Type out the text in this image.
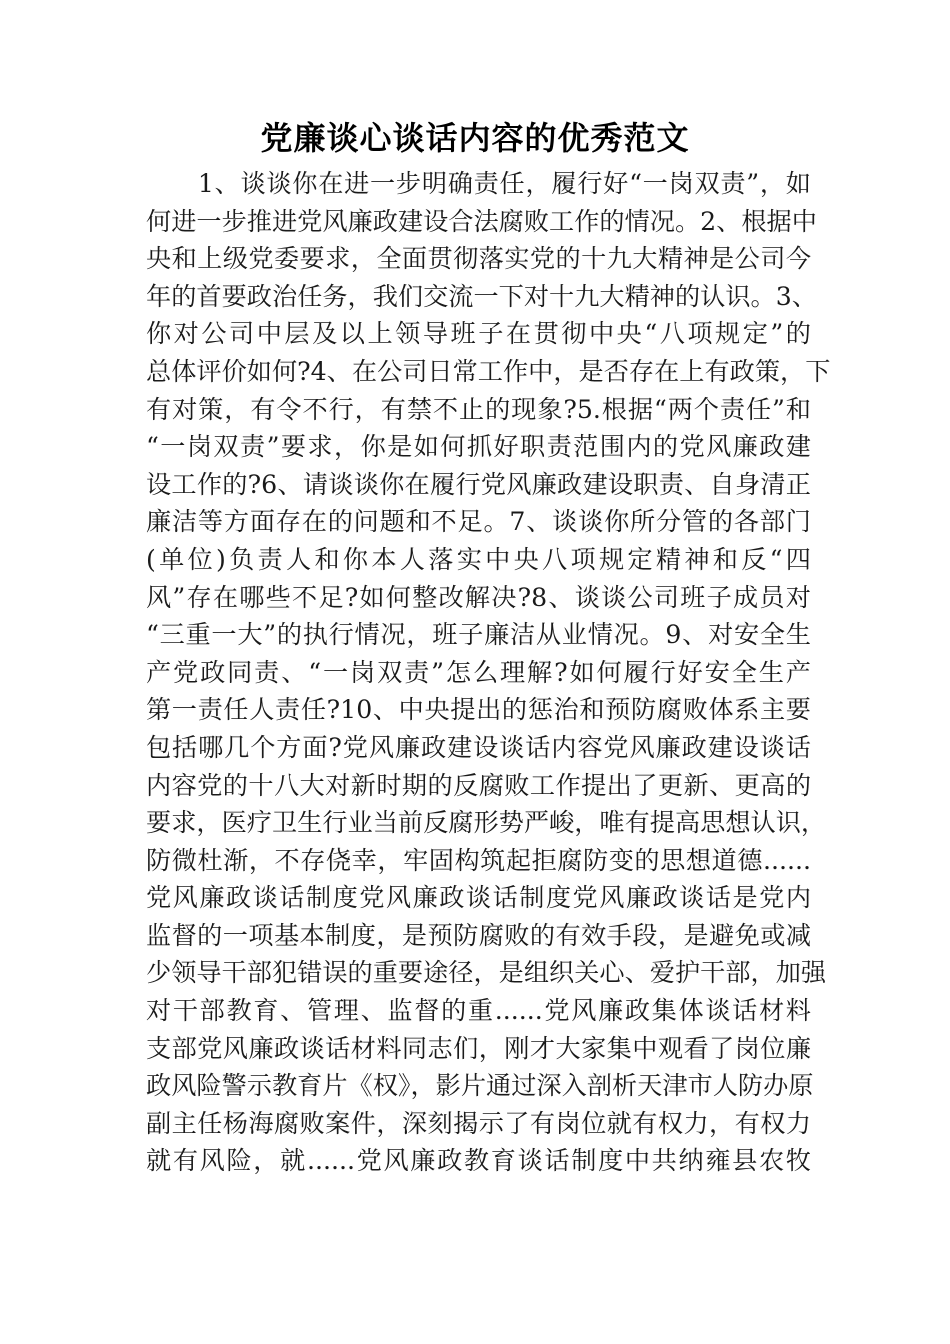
党廉谈心谈话内容的优秀范文
　　1、谈谈你在进一步明确责任，履行好“一岗双责”，如
何进一步推进党风廉政建设合法腐败工作的情况。2、根据中
央和上级党委要求，全面贯彻落实党的十九大精神是公司今
年的首要政治任务，我们交流一下对十九大精神的认识。3、
你对公司中层及以上领导班子在贯彻中央“八项规定”的
总体评价如何?4、在公司日常工作中，是否存在上有政策，下
有对策，有令不行，有禁不止的现象?5.根据“两个责任”和
“一岗双责”要求，你是如何抓好职责范围内的党风廉政建
设工作的?6、请谈谈你在履行党风廉政建设职责、自身清正
廉洁等方面存在的问题和不足。7、谈谈你所分管的各部门
(单位)负责人和你本人落实中央八项规定精神和反“四
风”存在哪些不足?如何整改解决?8、谈谈公司班子成员对
“三重一大”的执行情况，班子廉洁从业情况。9、对安全生
产党政同责、“一岗双责”怎么理解?如何履行好安全生产
第一责任人责任?10、中央提出的惩治和预防腐败体系主要
包括哪几个方面?党风廉政建设谈话内容党风廉政建设谈话
内容党的十八大对新时期的反腐败工作提出了更新、更高的
要求，医疗卫生行业当前反腐形势严峻，唯有提高思想认识，
防微杜渐，不存侥幸，牢固构筑起拒腐防变的思想道德......
党风廉政谈话制度党风廉政谈话制度党风廉政谈话是党内
监督的一项基本制度，是预防腐败的有效手段，是避免或减
少领导干部犯错误的重要途径，是组织关心、爱护干部，加强
对干部教育、管理、监督的重......党风廉政集体谈话材料
支部党风廉政谈话材料同志们，刚才大家集中观看了岗位廉
政风险警示教育片《权》，影片通过深入剖析天津市人防办原
副主任杨海腐败案件，深刻揭示了有岗位就有权力，有权力
就有风险，就......党风廉政教育谈话制度中共纳雍县农牧
